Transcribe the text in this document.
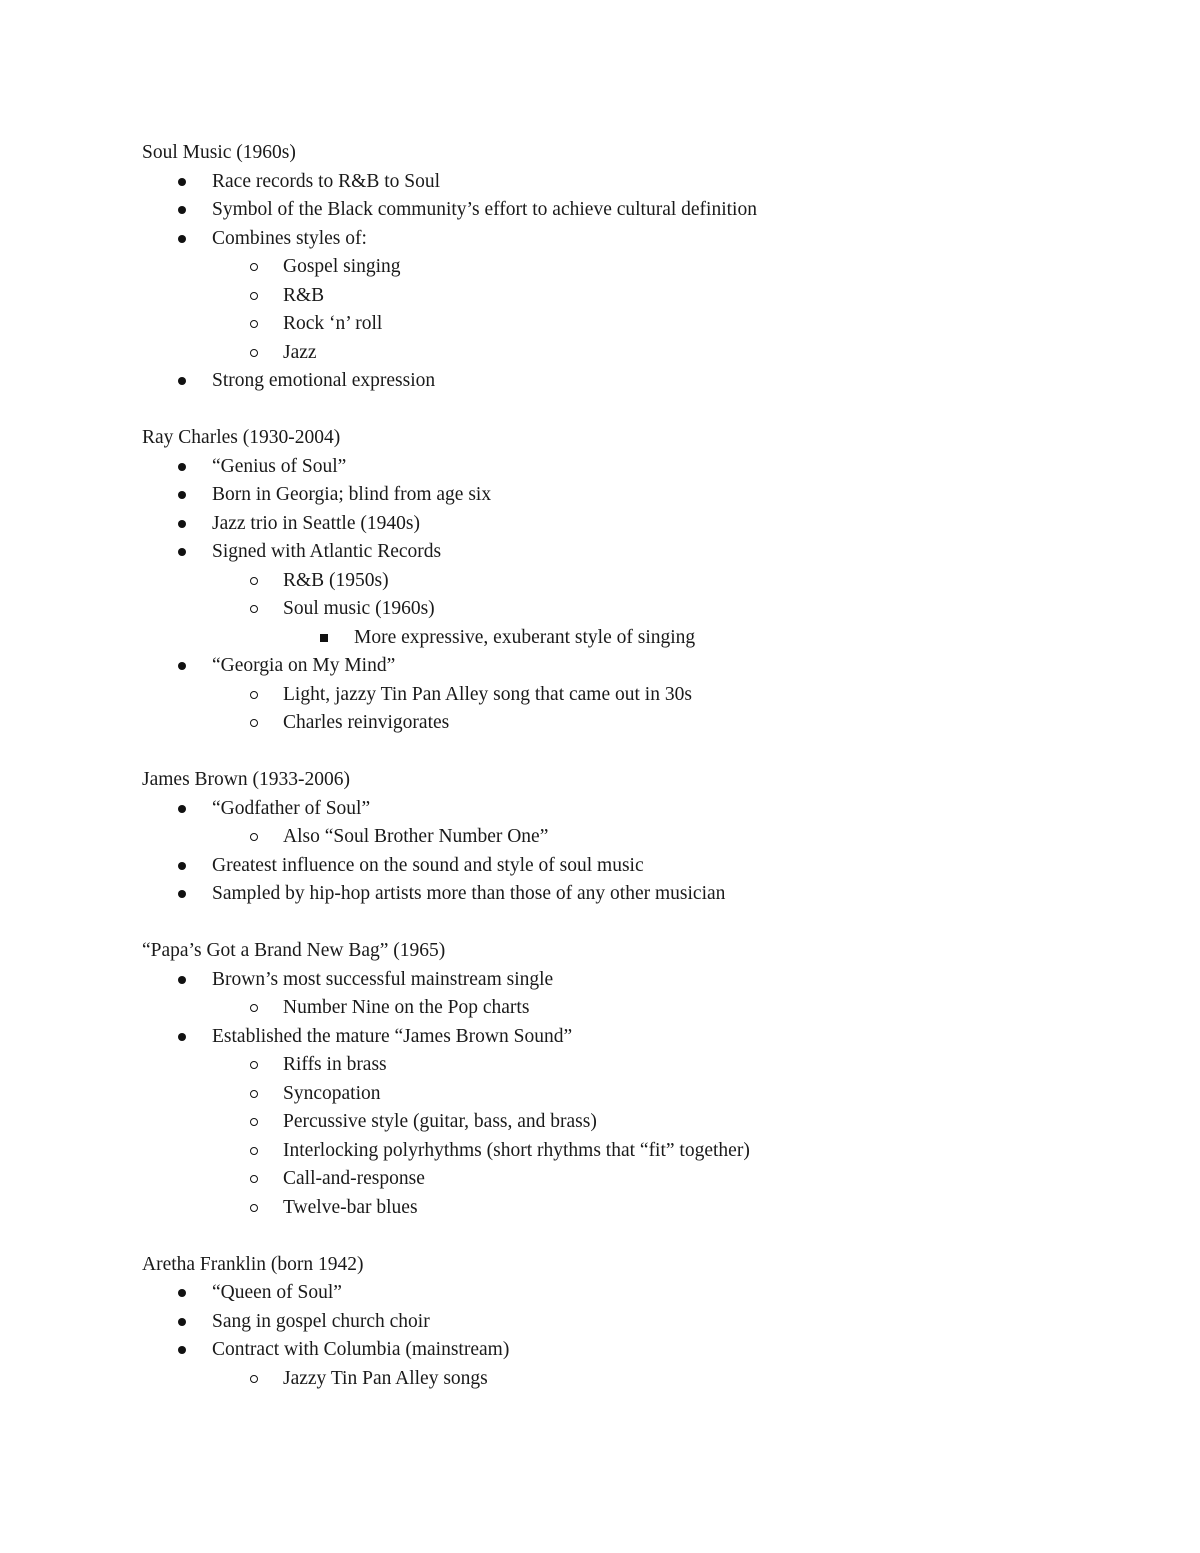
Soul Music (1960s)
Race records to R&B to Soul
Symbol of the Black community’s effort to achieve cultural definition
Combines styles of:
Gospel singing
R&B
Rock ‘n’ roll
Jazz
Strong emotional expression
Ray Charles (1930-2004)
“Genius of Soul”
Born in Georgia; blind from age six
Jazz trio in Seattle (1940s)
Signed with Atlantic Records
R&B (1950s)
Soul music (1960s)
More expressive, exuberant style of singing
“Georgia on My Mind”
Light, jazzy Tin Pan Alley song that came out in 30s
Charles reinvigorates
James Brown (1933-2006)
“Godfather of Soul”
Also “Soul Brother Number One”
Greatest influence on the sound and style of soul music
Sampled by hip-hop artists more than those of any other musician
“Papa’s Got a Brand New Bag” (1965)
Brown’s most successful mainstream single
Number Nine on the Pop charts
Established the mature “James Brown Sound”
Riffs in brass
Syncopation
Percussive style (guitar, bass, and brass)
Interlocking polyrhythms (short rhythms that “fit” together)
Call-and-response
Twelve-bar blues
Aretha Franklin (born 1942)
“Queen of Soul”
Sang in gospel church choir
Contract with Columbia (mainstream)
Jazzy Tin Pan Alley songs
